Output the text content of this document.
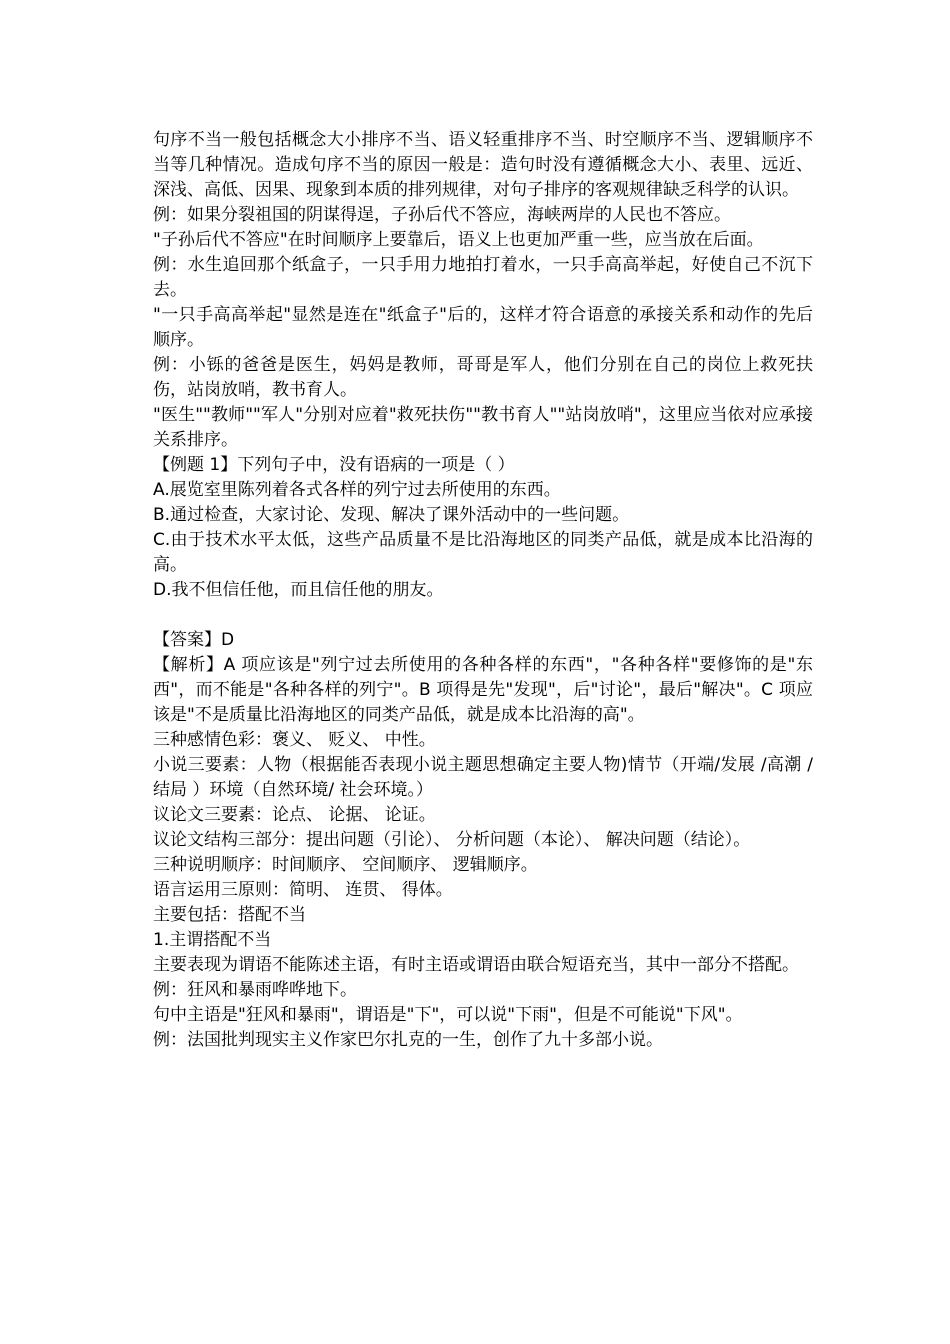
句序不当一般包括概念大小排序不当、语义轻重排序不当、时空顺序不当、逻辑顺序不当等几种情况。造成句序不当的原因一般是：造句时没有遵循概念大小、表里、远近、深浅、高低、因果、现象到本质的排列规律，对句子排序的客观规律缺乏科学的认识。

例：如果分裂祖国的阴谋得逞，子孙后代不答应，海峡两岸的人民也不答应。

"子孙后代不答应"在时间顺序上要靠后，语义上也更加严重一些，应当放在后面。

例：水生追回那个纸盒子，一只手用力地拍打着水，一只手高高举起，好使自己不沉下去。

"一只手高高举起"显然是连在"纸盒子"后的，这样才符合语意的承接关系和动作的先后顺序。

例：小铄的爸爸是医生，妈妈是教师，哥哥是军人，他们分别在自己的岗位上救死扶伤，站岗放哨，教书育人。

"医生""教师""军人"分别对应着"救死扶伤""教书育人""站岗放哨"，这里应当依对应承接关系排序。

【例题 1】下列句子中，没有语病的一项是（ ）

A.展览室里陈列着各式各样的列宁过去所使用的东西。

B.通过检查，大家讨论、发现、解决了课外活动中的一些问题。

C.由于技术水平太低，这些产品质量不是比沿海地区的同类产品低，就是成本比沿海的高。

D.我不但信任他，而且信任他的朋友。

【答案】D

【解析】A 项应该是"列宁过去所使用的各种各样的东西"，"各种各样"要修饰的是"东西"，而不能是"各种各样的列宁"。B 项得是先"发现"，后"讨论"，最后"解决"。C 项应该是"不是质量比沿海地区的同类产品低，就是成本比沿海的高"。

三种感情色彩：褒义、 贬义、 中性。

小说三要素：人物（根据能否表现小说主题思想确定主要人物)情节（开端/发展 /高潮 /结局 ）环境（自然环境/ 社会环境。）

议论文三要素：论点、 论据、 论证。

议论文结构三部分：提出问题（引论）、 分析问题（本论）、 解决问题（结论）。

三种说明顺序：时间顺序、 空间顺序、 逻辑顺序。

语言运用三原则：简明、 连贯、 得体。

主要包括：搭配不当

1.主谓搭配不当

主要表现为谓语不能陈述主语，有时主语或谓语由联合短语充当，其中一部分不搭配。

例：狂风和暴雨哗哗地下。

句中主语是"狂风和暴雨"，谓语是"下"，可以说"下雨"，但是不可能说"下风"。

例：法国批判现实主义作家巴尔扎克的一生，创作了九十多部小说。
